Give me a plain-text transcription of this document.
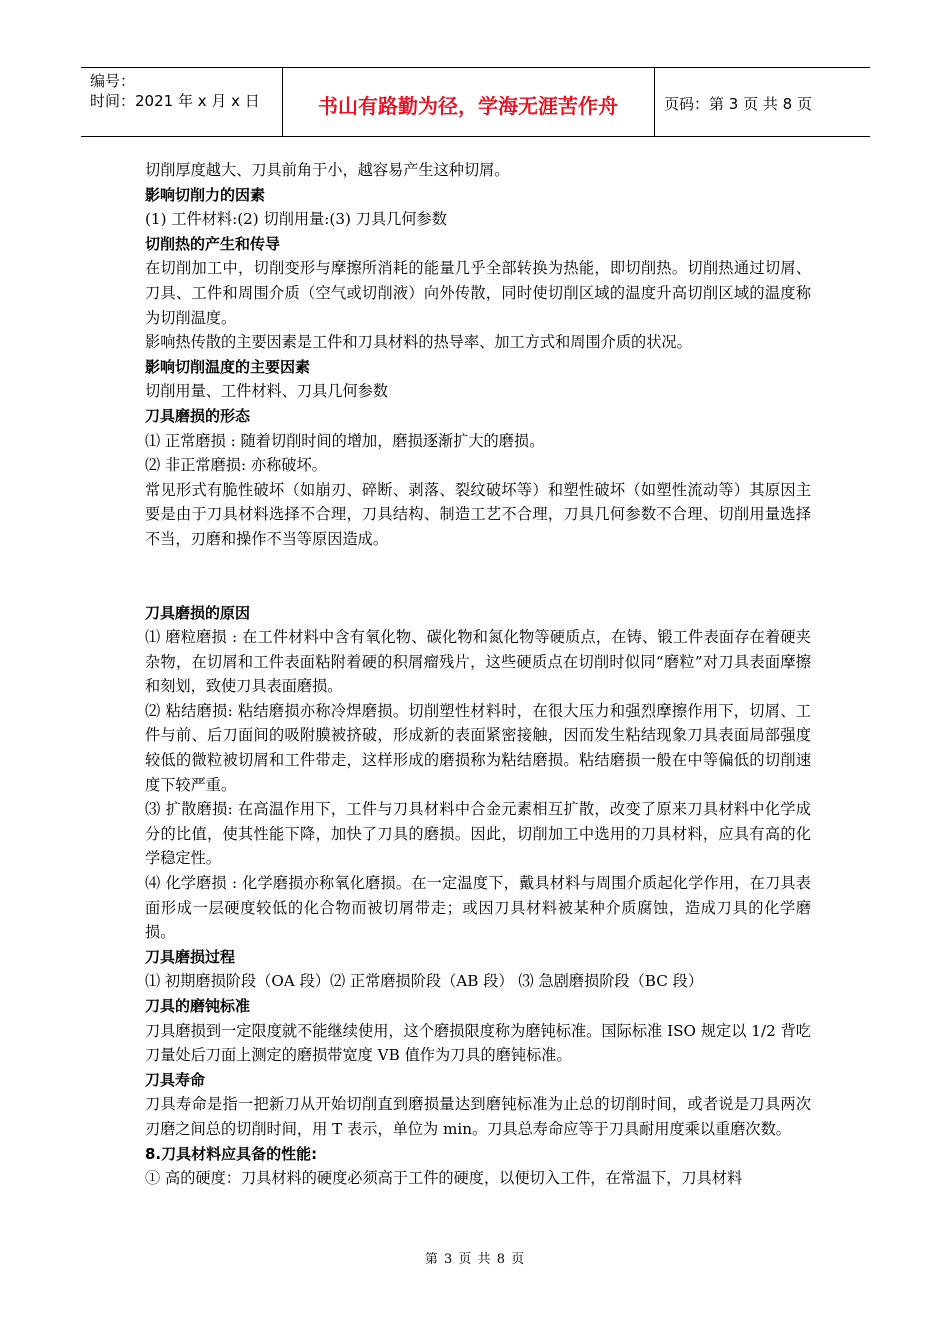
编号：
时间：2021 年 x 月 x 日	书山有路勤为径，学海无涯苦作舟	页码：第 3 页 共 8 页

切削厚度越大、刀具前角于小，越容易产生这种切屑。

影响切削力的因素

(1) 工件材料:(2) 切削用量:(3) 刀具几何参数

切削热的产生和传导

在切削加工中，切削变形与摩擦所消耗的能量几乎全部转换为热能，即切削热。切削热通过切屑、刀具、工件和周围介质（空气或切削液）向外传散，同时使切削区域的温度升高切削区域的温度称为切削温度。

影响热传散的主要因素是工件和刀具材料的热导率、加工方式和周围介质的状况。

影响切削温度的主要因素

切削用量、工件材料、刀具几何参数

刀具磨损的形态

⑴ 正常磨损 : 随着切削时间的增加，磨损逐渐扩大的磨损。

⑵ 非正常磨损: 亦称破坏。

常见形式有脆性破坏（如崩刃、碎断、剥落、裂纹破坏等）和塑性破坏（如塑性流动等）其原因主要是由于刀具材料选择不合理，刀具结构、制造工艺不合理，刀具几何参数不合理、切削用量选择不当，刃磨和操作不当等原因造成。

刀具磨损的原因

⑴ 磨粒磨损 : 在工件材料中含有氧化物、碳化物和氮化物等硬质点，在铸、锻工件表面存在着硬夹杂物，在切屑和工件表面粘附着硬的积屑瘤残片，这些硬质点在切削时似同“磨粒”对刀具表面摩擦和刻划，致使刀具表面磨损。

⑵ 粘结磨损: 粘结磨损亦称冷焊磨损。切削塑性材料时，在很大压力和强烈摩擦作用下，切屑、工件与前、后刀面间的吸附膜被挤破，形成新的表面紧密接触，因而发生粘结现象刀具表面局部强度较低的微粒被切屑和工件带走，这样形成的磨损称为粘结磨损。粘结磨损一般在中等偏低的切削速度下较严重。

⑶ 扩散磨损: 在高温作用下，工件与刀具材料中合金元素相互扩散，改变了原来刀具材料中化学成分的比值，使其性能下降，加快了刀具的磨损。因此，切削加工中选用的刀具材料，应具有高的化学稳定性。

⑷ 化学磨损 : 化学磨损亦称氧化磨损。在一定温度下，戴具材料与周围介质起化学作用，在刀具表面形成一层硬度较低的化合物而被切屑带走；或因刀具材料被某种介质腐蚀，造成刀具的化学磨损。

刀具磨损过程

⑴ 初期磨损阶段（OA 段）⑵ 正常磨损阶段（AB 段） ⑶ 急剧磨损阶段（BC 段）

刀具的磨钝标准

刀具磨损到一定限度就不能继续使用，这个磨损限度称为磨钝标准。国际标准 ISO 规定以 1/2 背吃刀量处后刀面上测定的磨损带宽度 VB 值作为刀具的磨钝标准。

刀具寿命

刀具寿命是指一把新刀从开始切削直到磨损量达到磨钝标准为止总的切削时间，或者说是刀具两次刃磨之间总的切削时间，用 T 表示，单位为 min。刀具总寿命应等于刀具耐用度乘以重磨次数。

8.刀具材料应具备的性能:

① 高的硬度：刀具材料的硬度必须高于工件的硬度，以便切入工件，在常温下，刀具材料

第 3 页 共 8 页
